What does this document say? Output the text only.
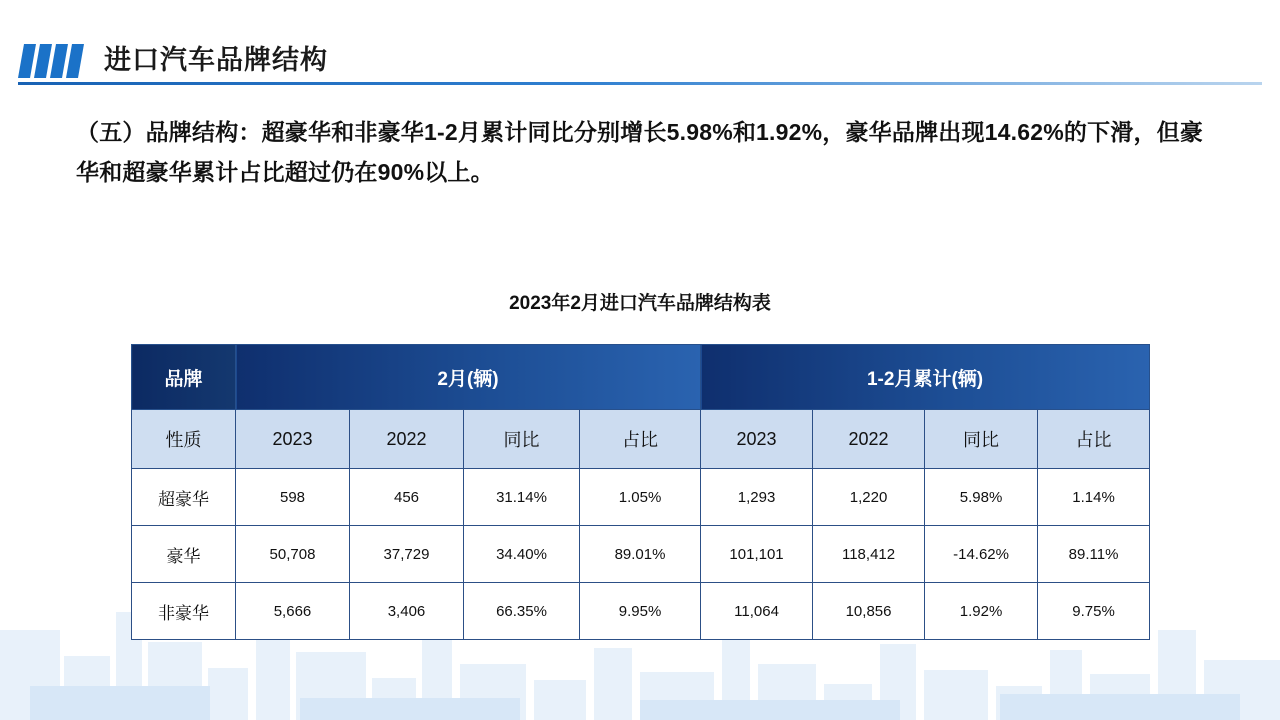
进口汽车品牌结构
（五）品牌结构：超豪华和非豪华1-2月累计同比分别增长5.98%和1.92%，豪华品牌出现14.62%的下滑，但豪华和超豪华累计占比超过仍在90%以上。
2023年2月进口汽车品牌结构表
品牌	2月(辆)				1-2月累计(辆)			
性质	2023	2022	同比	占比	2023	2022	同比	占比
超豪华	598	456	31.14%	1.05%	1,293	1,220	5.98%	1.14%
豪华	50,708	37,729	34.40%	89.01%	101,101	118,412	-14.62%	89.11%
非豪华	5,666	3,406	66.35%	9.95%	11,064	10,856	1.92%	9.75%
